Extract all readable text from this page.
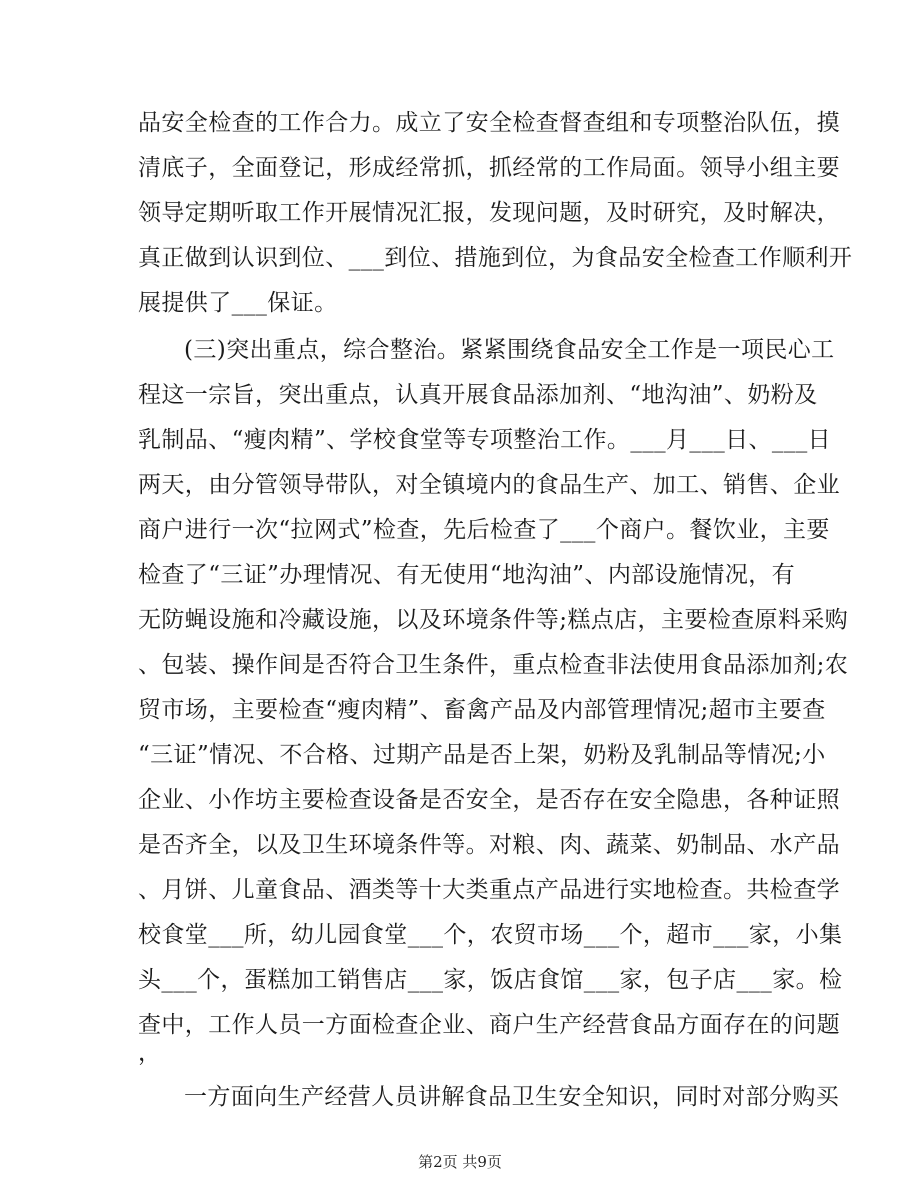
品安全检查的工作合力。成立了安全检查督查组和专项整治队伍，摸
清底子，全面登记，形成经常抓，抓经常的工作局面。领导小组主要
领导定期听取工作开展情况汇报，发现问题，及时研究，及时解决，
真正做到认识到位、___到位、措施到位，为食品安全检查工作顺利开
展提供了___保证。
(三)突出重点，综合整治。紧紧围绕食品安全工作是一项民心工
程这一宗旨，突出重点，认真开展食品添加剂、“地沟油”、奶粉及
乳制品、“瘦肉精”、学校食堂等专项整治工作。___月___日、___日
两天，由分管领导带队，对全镇境内的食品生产、加工、销售、企业
商户进行一次“拉网式”检查，先后检查了___个商户。餐饮业，主要
检查了“三证”办理情况、有无使用“地沟油”、内部设施情况，有
无防蝇设施和冷藏设施，以及环境条件等;糕点店，主要检查原料采购
、包装、操作间是否符合卫生条件，重点检查非法使用食品添加剂;农
贸市场，主要检查“瘦肉精”、畜禽产品及内部管理情况;超市主要查
“三证”情况、不合格、过期产品是否上架，奶粉及乳制品等情况;小
企业、小作坊主要检查设备是否安全，是否存在安全隐患，各种证照
是否齐全，以及卫生环境条件等。对粮、肉、蔬菜、奶制品、水产品
、月饼、儿童食品、酒类等十大类重点产品进行实地检查。共检查学
校食堂___所，幼儿园食堂___个，农贸市场___个，超市___家，小集
头___个，蛋糕加工销售店___家，饭店食馆___家，包子店___家。检
查中，工作人员一方面检查企业、商户生产经营食品方面存在的问题
，
一方面向生产经营人员讲解食品卫生安全知识，同时对部分购买
第2页 共9页
